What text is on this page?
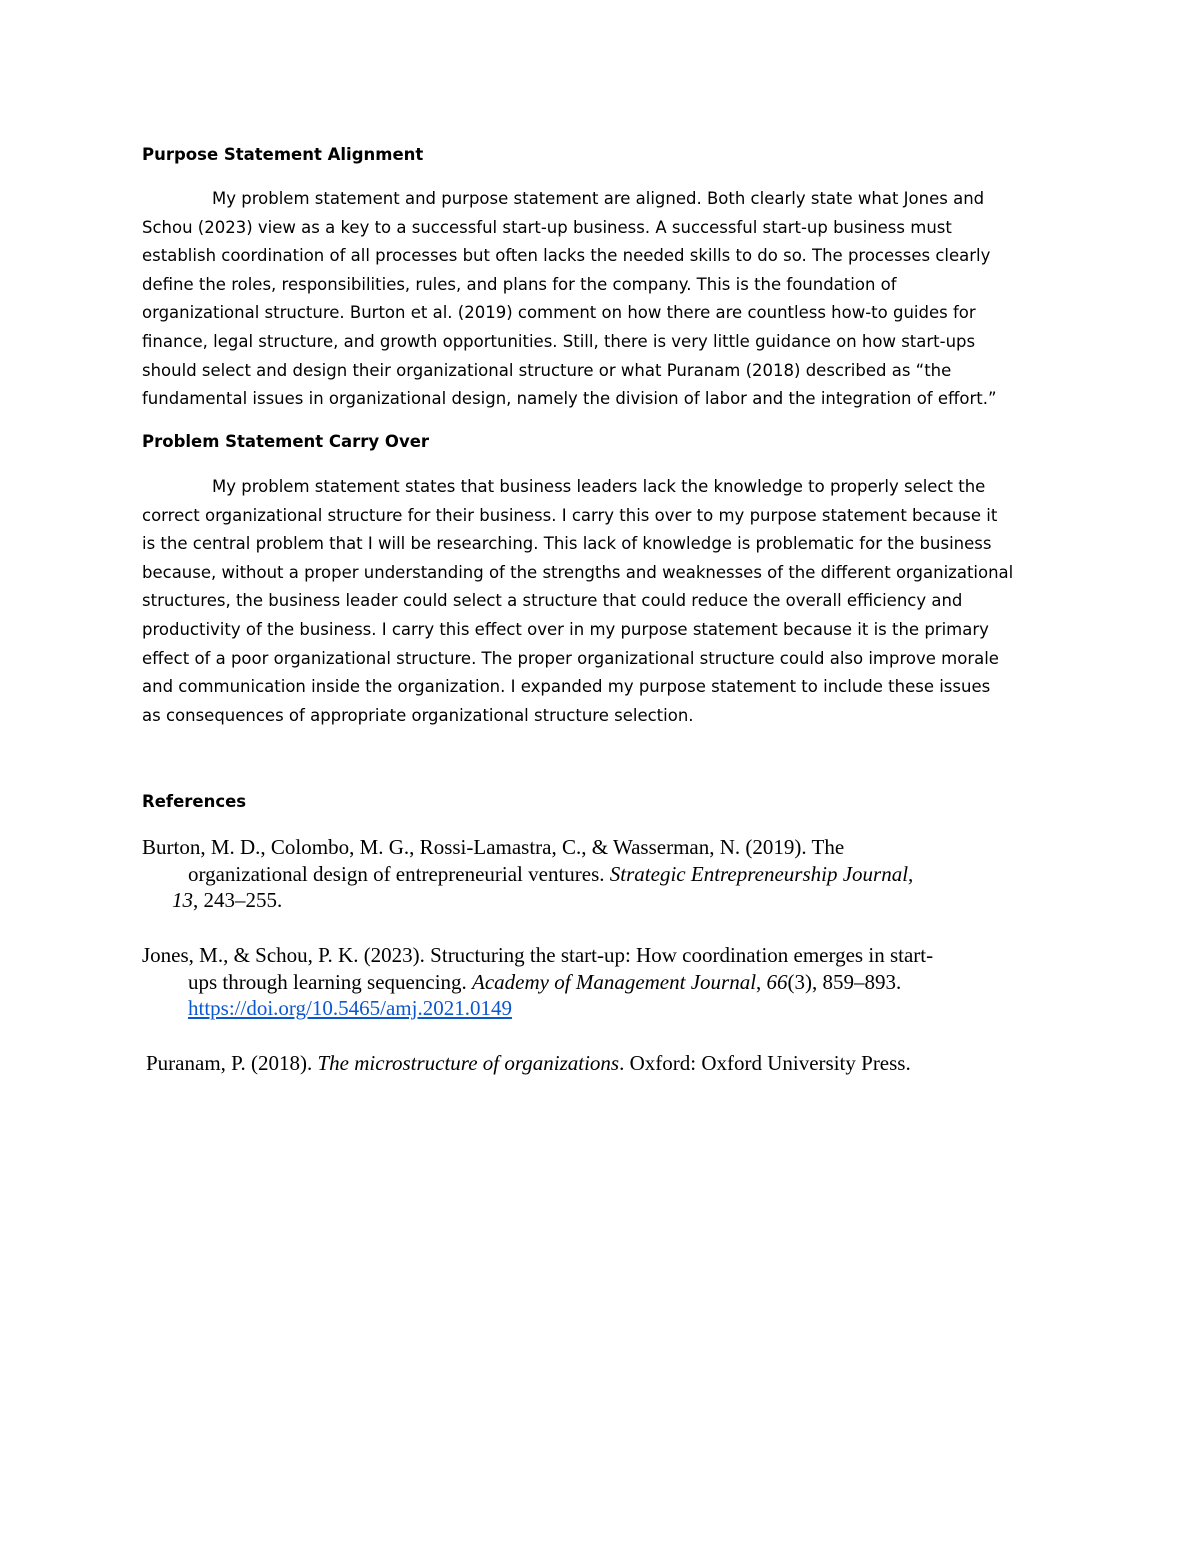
Purpose Statement Alignment
My problem statement and purpose statement are aligned. Both clearly state what Jones and
Schou (2023) view as a key to a successful start-up business. A successful start-up business must
establish coordination of all processes but often lacks the needed skills to do so. The processes clearly
define the roles, responsibilities, rules, and plans for the company. This is the foundation of
organizational structure. Burton et al. (2019) comment on how there are countless how-to guides for
finance, legal structure, and growth opportunities. Still, there is very little guidance on how start-ups
should select and design their organizational structure or what Puranam (2018) described as “the
fundamental issues in organizational design, namely the division of labor and the integration of effort.”
Problem Statement Carry Over
My problem statement states that business leaders lack the knowledge to properly select the
correct organizational structure for their business. I carry this over to my purpose statement because it
is the central problem that I will be researching. This lack of knowledge is problematic for the business
because, without a proper understanding of the strengths and weaknesses of the different organizational
structures, the business leader could select a structure that could reduce the overall efficiency and
productivity of the business. I carry this effect over in my purpose statement because it is the primary
effect of a poor organizational structure. The proper organizational structure could also improve morale
and communication inside the organization. I expanded my purpose statement to include these issues
as consequences of appropriate organizational structure selection.
References
Burton, M. D., Colombo, M. G., Rossi-Lamastra, C., & Wasserman, N. (2019). The
organizational design of entrepreneurial ventures. Strategic Entrepreneurship Journal,
13, 243–255.
Jones, M., & Schou, P. K. (2023). Structuring the start-up: How coordination emerges in start-
ups through learning sequencing. Academy of Management Journal, 66(3), 859–893.
https://doi.org/10.5465/amj.2021.0149
Puranam, P. (2018). The microstructure of organizations. Oxford: Oxford University Press.
